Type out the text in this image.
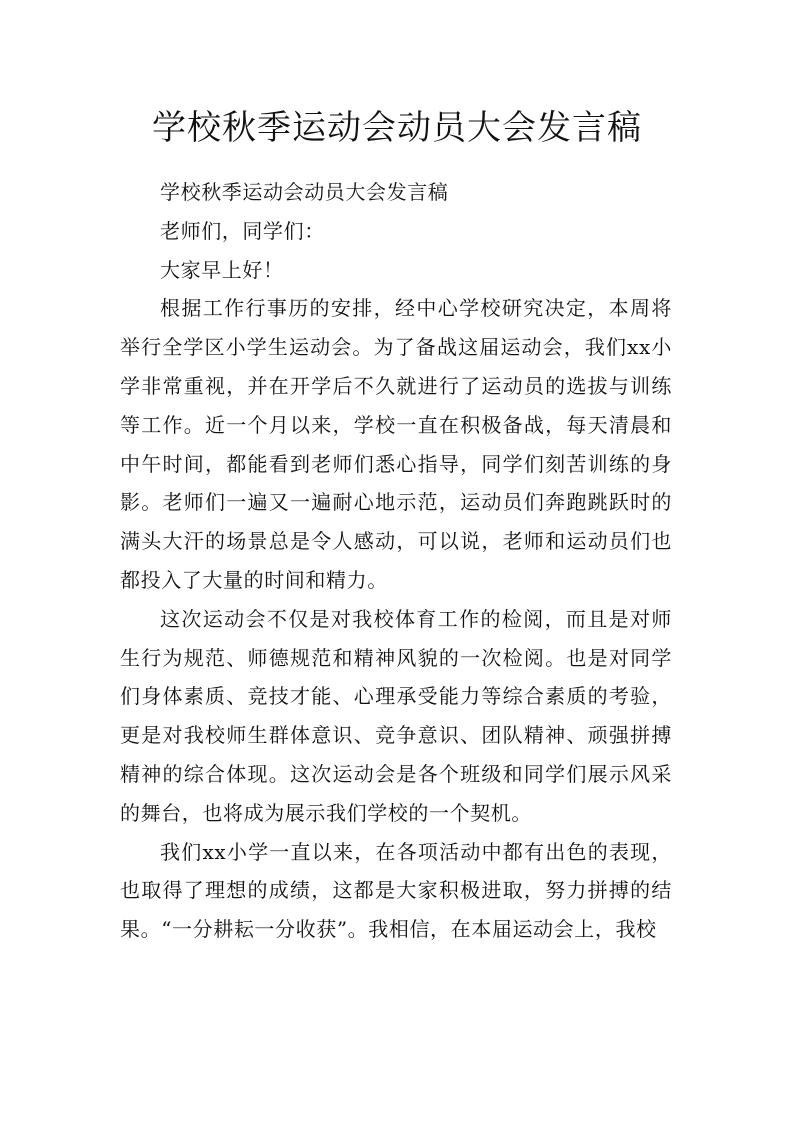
学校秋季运动会动员大会发言稿

学校秋季运动会动员大会发言稿

老师们，同学们：

大家早上好！

根据工作行事历的安排，经中心学校研究决定，本周将举行全学区小学生运动会。为了备战这届运动会，我们xx小学非常重视，并在开学后不久就进行了运动员的选拔与训练等工作。近一个月以来，学校一直在积极备战，每天清晨和中午时间，都能看到老师们悉心指导，同学们刻苦训练的身影。老师们一遍又一遍耐心地示范，运动员们奔跑跳跃时的满头大汗的场景总是令人感动，可以说，老师和运动员们也都投入了大量的时间和精力。

这次运动会不仅是对我校体育工作的检阅，而且是对师生行为规范、师德规范和精神风貌的一次检阅。也是对同学们身体素质、竞技才能、心理承受能力等综合素质的考验，更是对我校师生群体意识、竞争意识、团队精神、顽强拼搏精神的综合体现。这次运动会是各个班级和同学们展示风采的舞台，也将成为展示我们学校的一个契机。

我们xx小学一直以来，在各项活动中都有出色的表现，也取得了理想的成绩，这都是大家积极进取，努力拼搏的结果。“一分耕耘一分收获”。我相信，在本届运动会上，我校
